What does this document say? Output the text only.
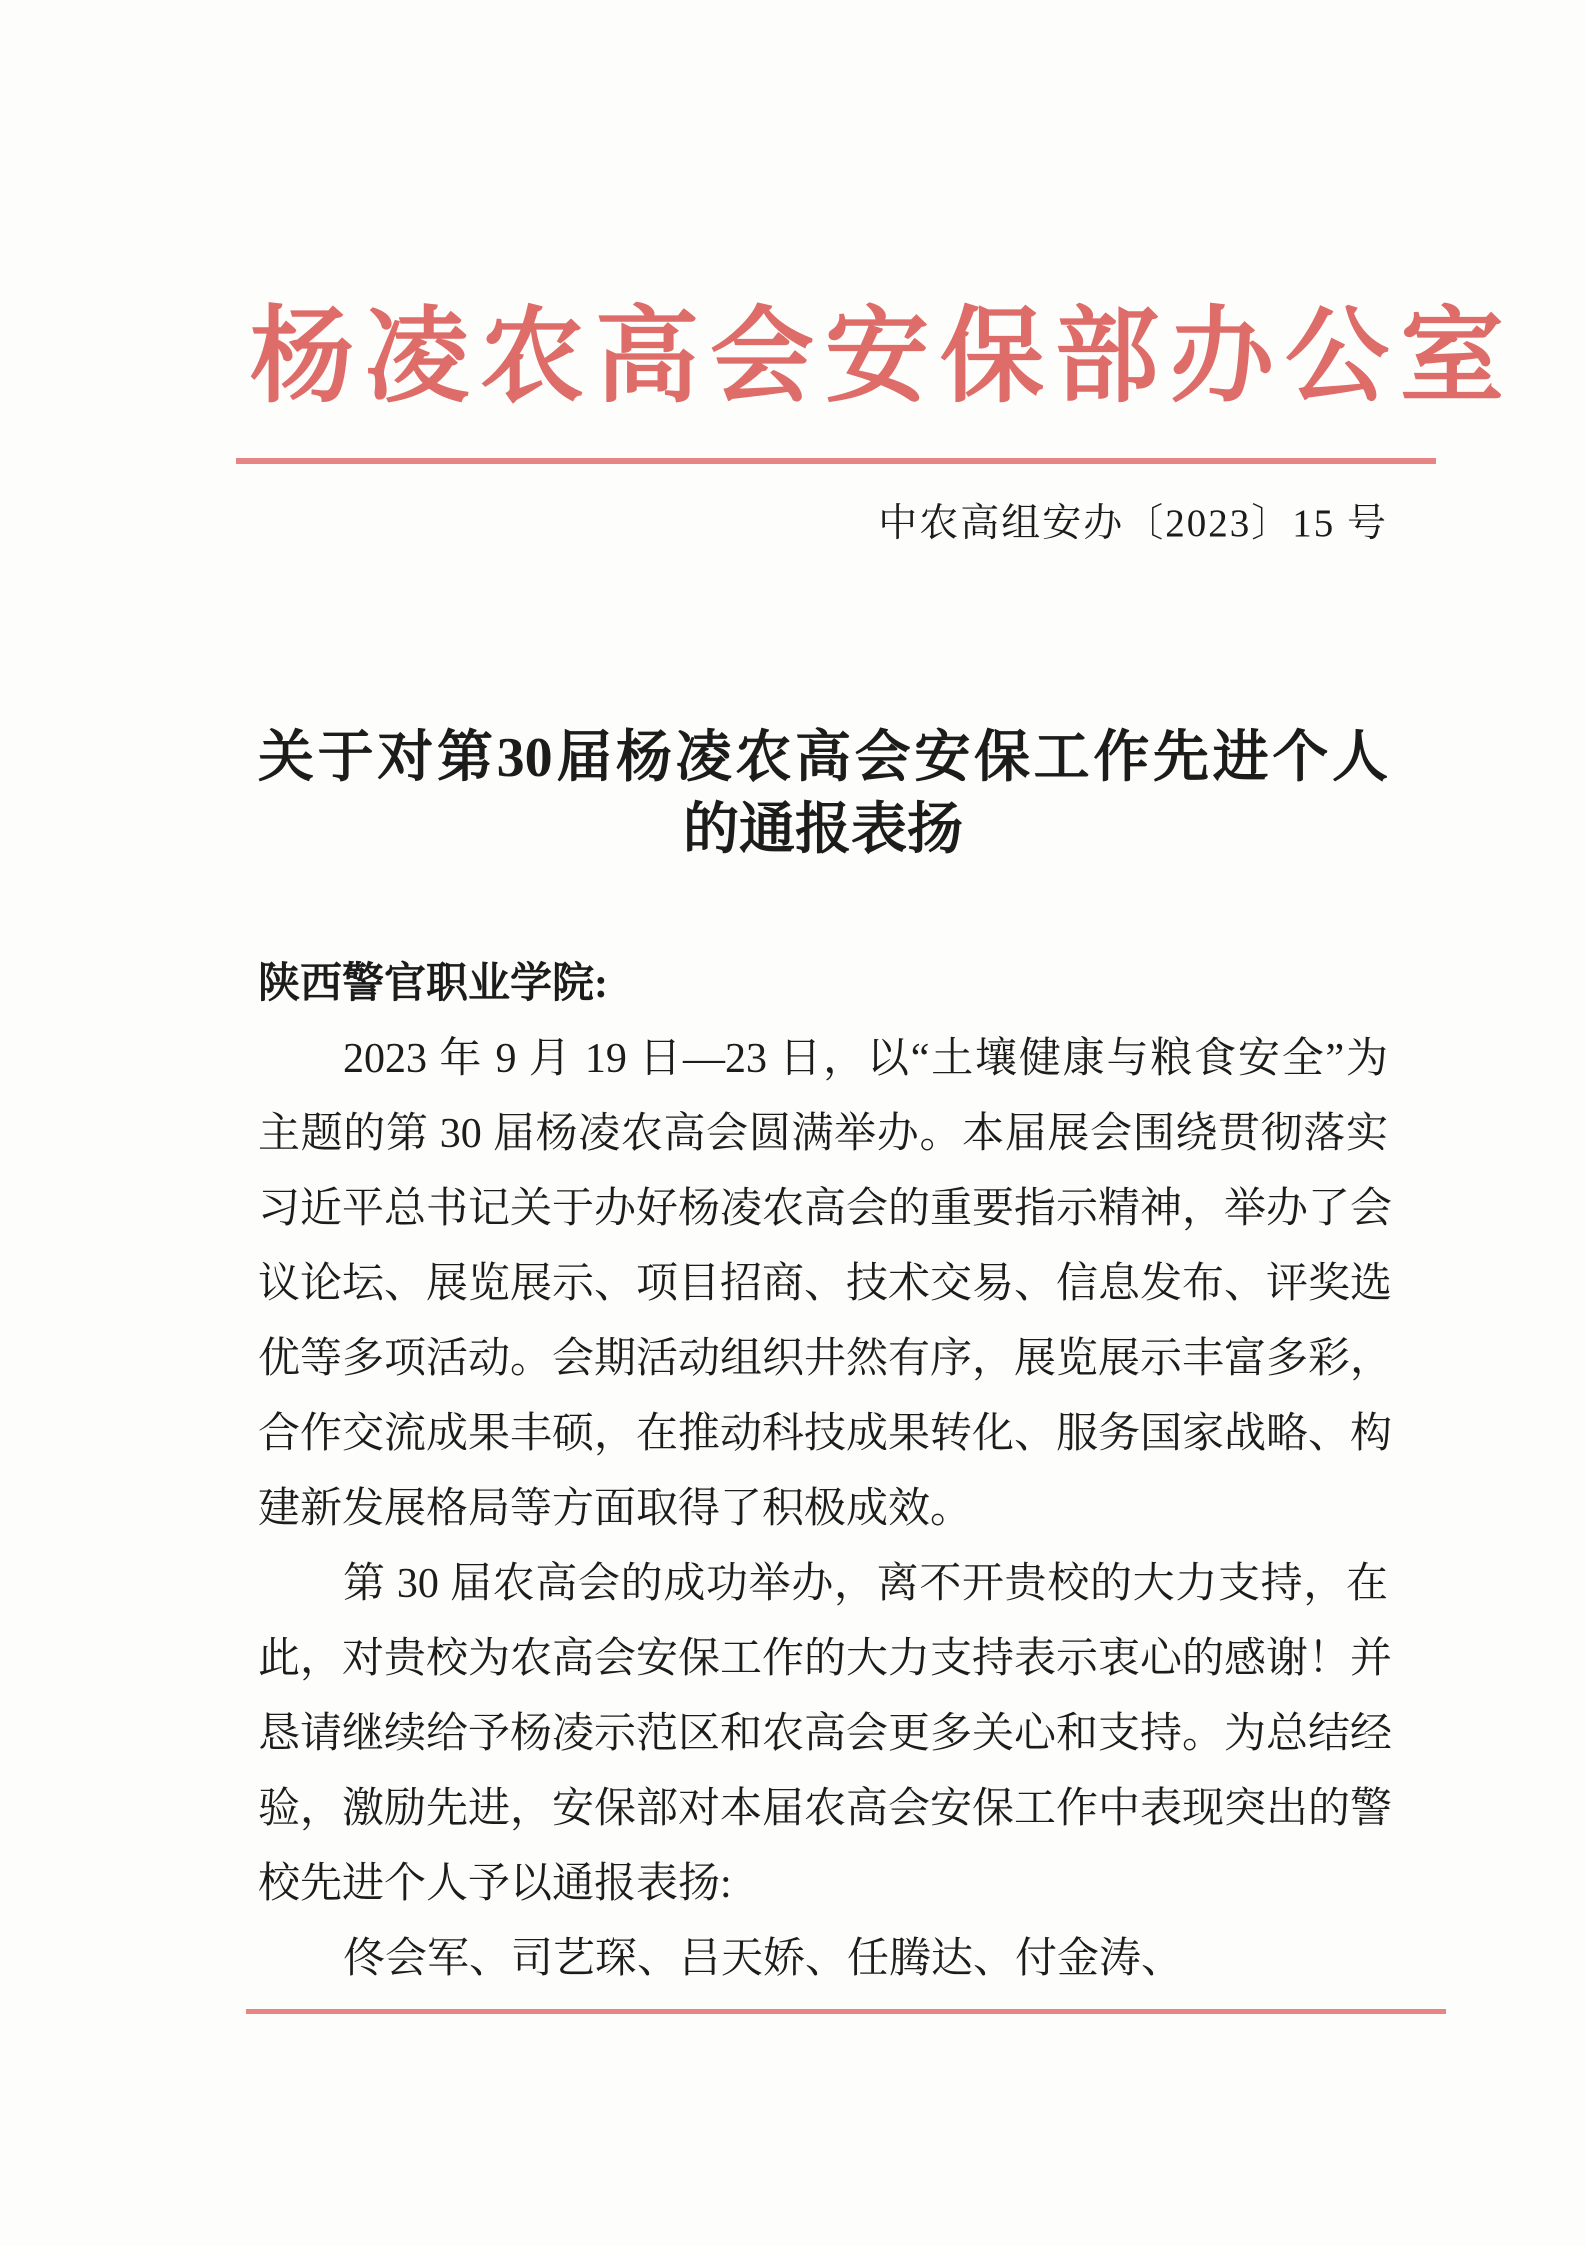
杨凌农高会安保部办公室
中农高组安办〔2023〕15 号
关于对第30届杨凌农高会安保工作先进个人
的通报表扬
陕西警官职业学院:
2023 年 9 月 19 日—23 日，以“土壤健康与粮食安全”为
主题的第 30 届杨凌农高会圆满举办。本届展会围绕贯彻落实
习近平总书记关于办好杨凌农高会的重要指示精神，举办了会
议论坛、展览展示、项目招商、技术交易、信息发布、评奖选
优等多项活动。会期活动组织井然有序，展览展示丰富多彩，
合作交流成果丰硕，在推动科技成果转化、服务国家战略、构
建新发展格局等方面取得了积极成效。
第 30 届农高会的成功举办，离不开贵校的大力支持，在
此，对贵校为农高会安保工作的大力支持表示衷心的感谢！并
恳请继续给予杨凌示范区和农高会更多关心和支持。为总结经
验，激励先进，安保部对本届农高会安保工作中表现突出的警
校先进个人予以通报表扬:
佟会军、司艺琛、吕天娇、任腾达、付金涛、
